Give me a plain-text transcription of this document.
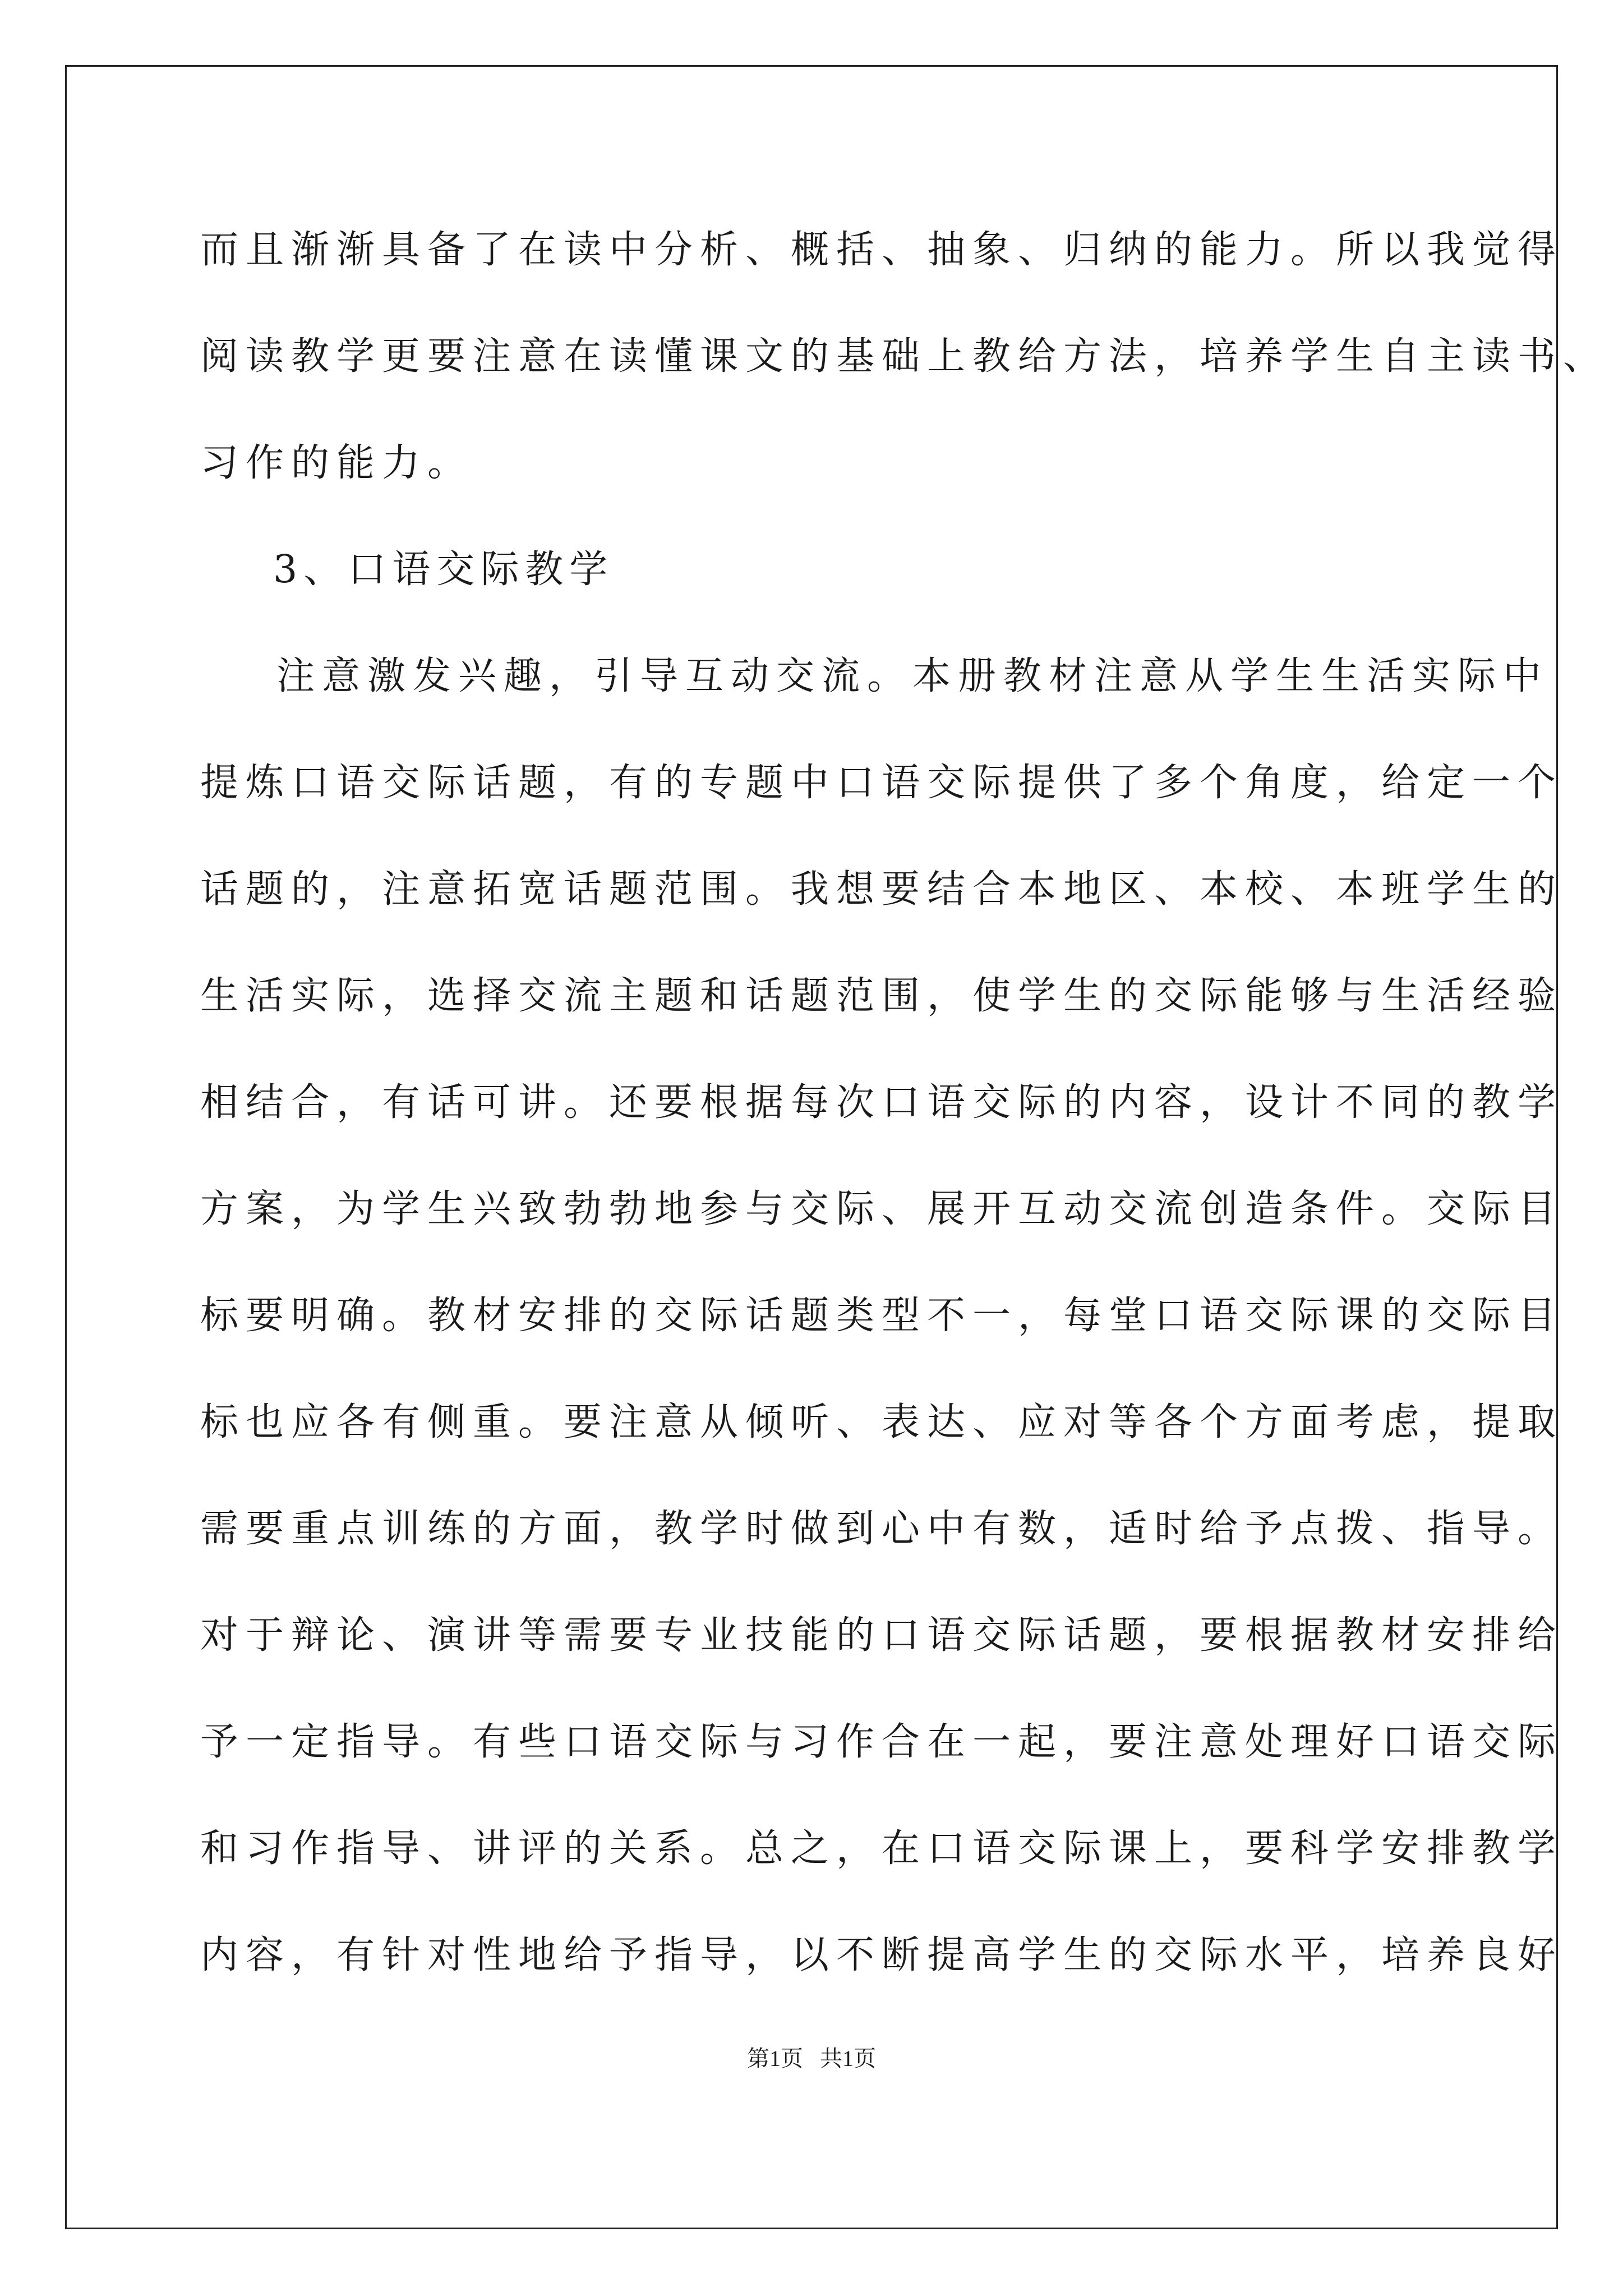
而且渐渐具备了在读中分析、概括、抽象、归纳的能力。所以我觉得
阅读教学更要注意在读懂课文的基础上教给方法，培养学生自主读书、
习作的能力。
3、口语交际教学
注意激发兴趣，引导互动交流。本册教材注意从学生生活实际中
提炼口语交际话题，有的专题中口语交际提供了多个角度，给定一个
话题的，注意拓宽话题范围。我想要结合本地区、本校、本班学生的
生活实际，选择交流主题和话题范围，使学生的交际能够与生活经验
相结合，有话可讲。还要根据每次口语交际的内容，设计不同的教学
方案，为学生兴致勃勃地参与交际、展开互动交流创造条件。交际目
标要明确。教材安排的交际话题类型不一，每堂口语交际课的交际目
标也应各有侧重。要注意从倾听、表达、应对等各个方面考虑，提取
需要重点训练的方面，教学时做到心中有数，适时给予点拨、指导。
对于辩论、演讲等需要专业技能的口语交际话题，要根据教材安排给
予一定指导。有些口语交际与习作合在一起，要注意处理好口语交际
和习作指导、讲评的关系。总之，在口语交际课上，要科学安排教学
内容，有针对性地给予指导，以不断提高学生的交际水平，培养良好
第1页   共1页
